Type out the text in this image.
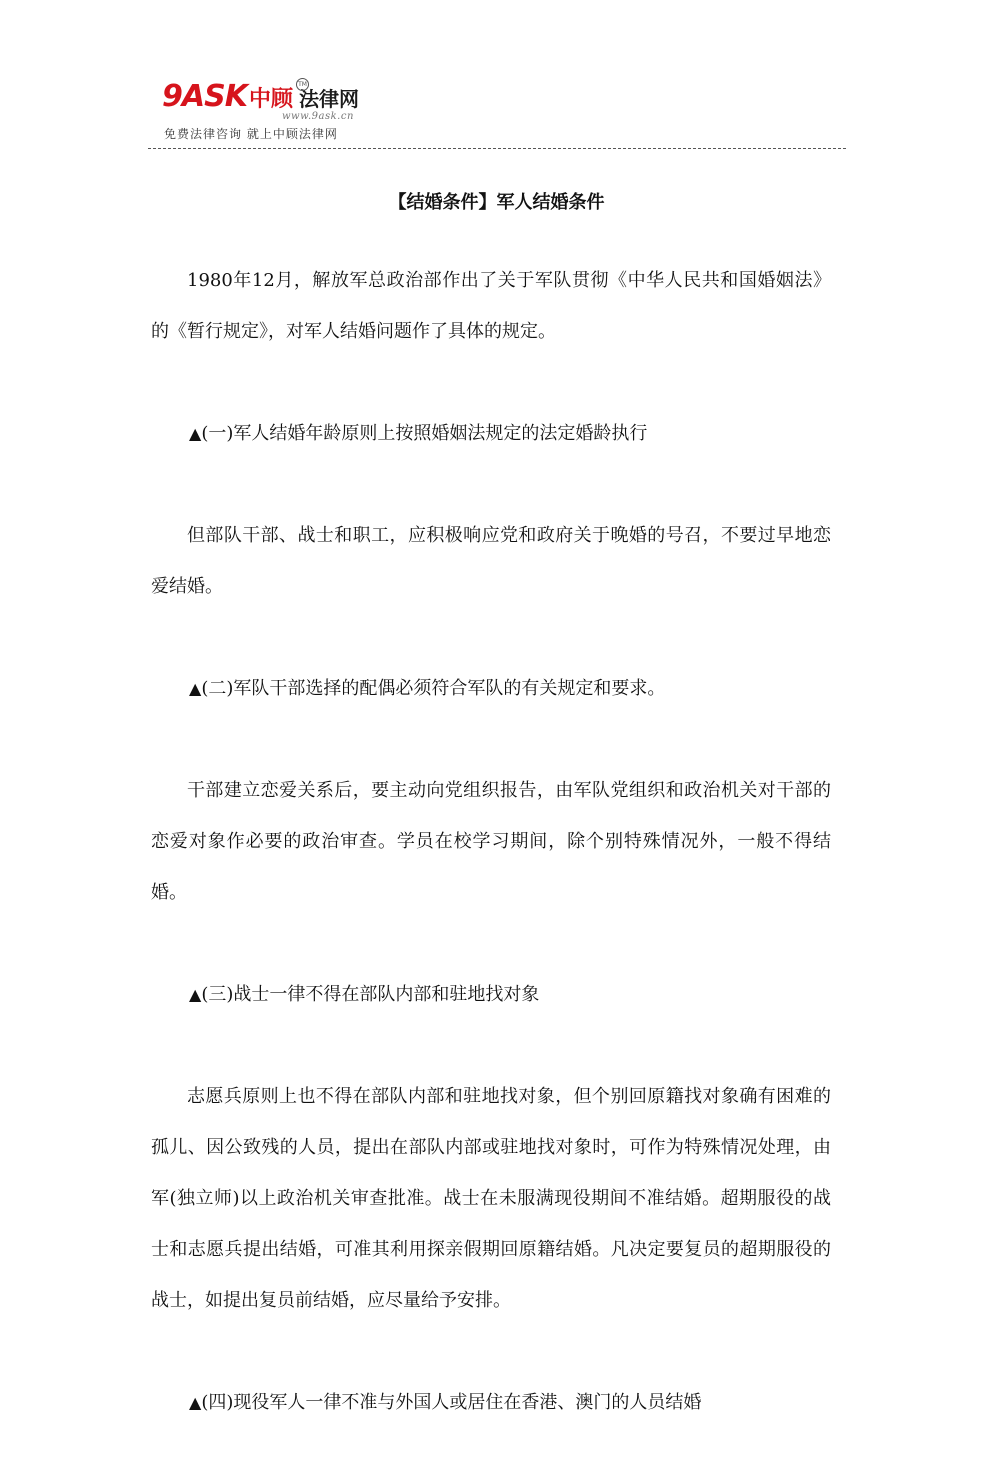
9ASK中顾 法律网
TM
www.9ask.cn
免费法律咨询 就上中顾法律网
【结婚条件】军人结婚条件

1980年12月，解放军总政治部作出了关于军队贯彻《中华人民共和国婚姻法》的《暂行规定》，对军人结婚问题作了具体的规定。

▲(一)军人结婚年龄原则上按照婚姻法规定的法定婚龄执行

但部队干部、战士和职工，应积极响应党和政府关于晚婚的号召，不要过早地恋爱结婚。

▲(二)军队干部选择的配偶必须符合军队的有关规定和要求。

干部建立恋爱关系后，要主动向党组织报告，由军队党组织和政治机关对干部的恋爱对象作必要的政治审查。学员在校学习期间，除个别特殊情况外，一般不得结婚。

▲(三)战士一律不得在部队内部和驻地找对象

志愿兵原则上也不得在部队内部和驻地找对象，但个别回原籍找对象确有困难的孤儿、因公致残的人员，提出在部队内部或驻地找对象时，可作为特殊情况处理，由军(独立师)以上政治机关审查批准。战士在未服满现役期间不准结婚。超期服役的战士和志愿兵提出结婚，可准其利用探亲假期回原籍结婚。凡决定要复员的超期服役的战士，如提出复员前结婚，应尽量给予安排。

▲(四)现役军人一律不准与外国人或居住在香港、澳门的人员结婚
